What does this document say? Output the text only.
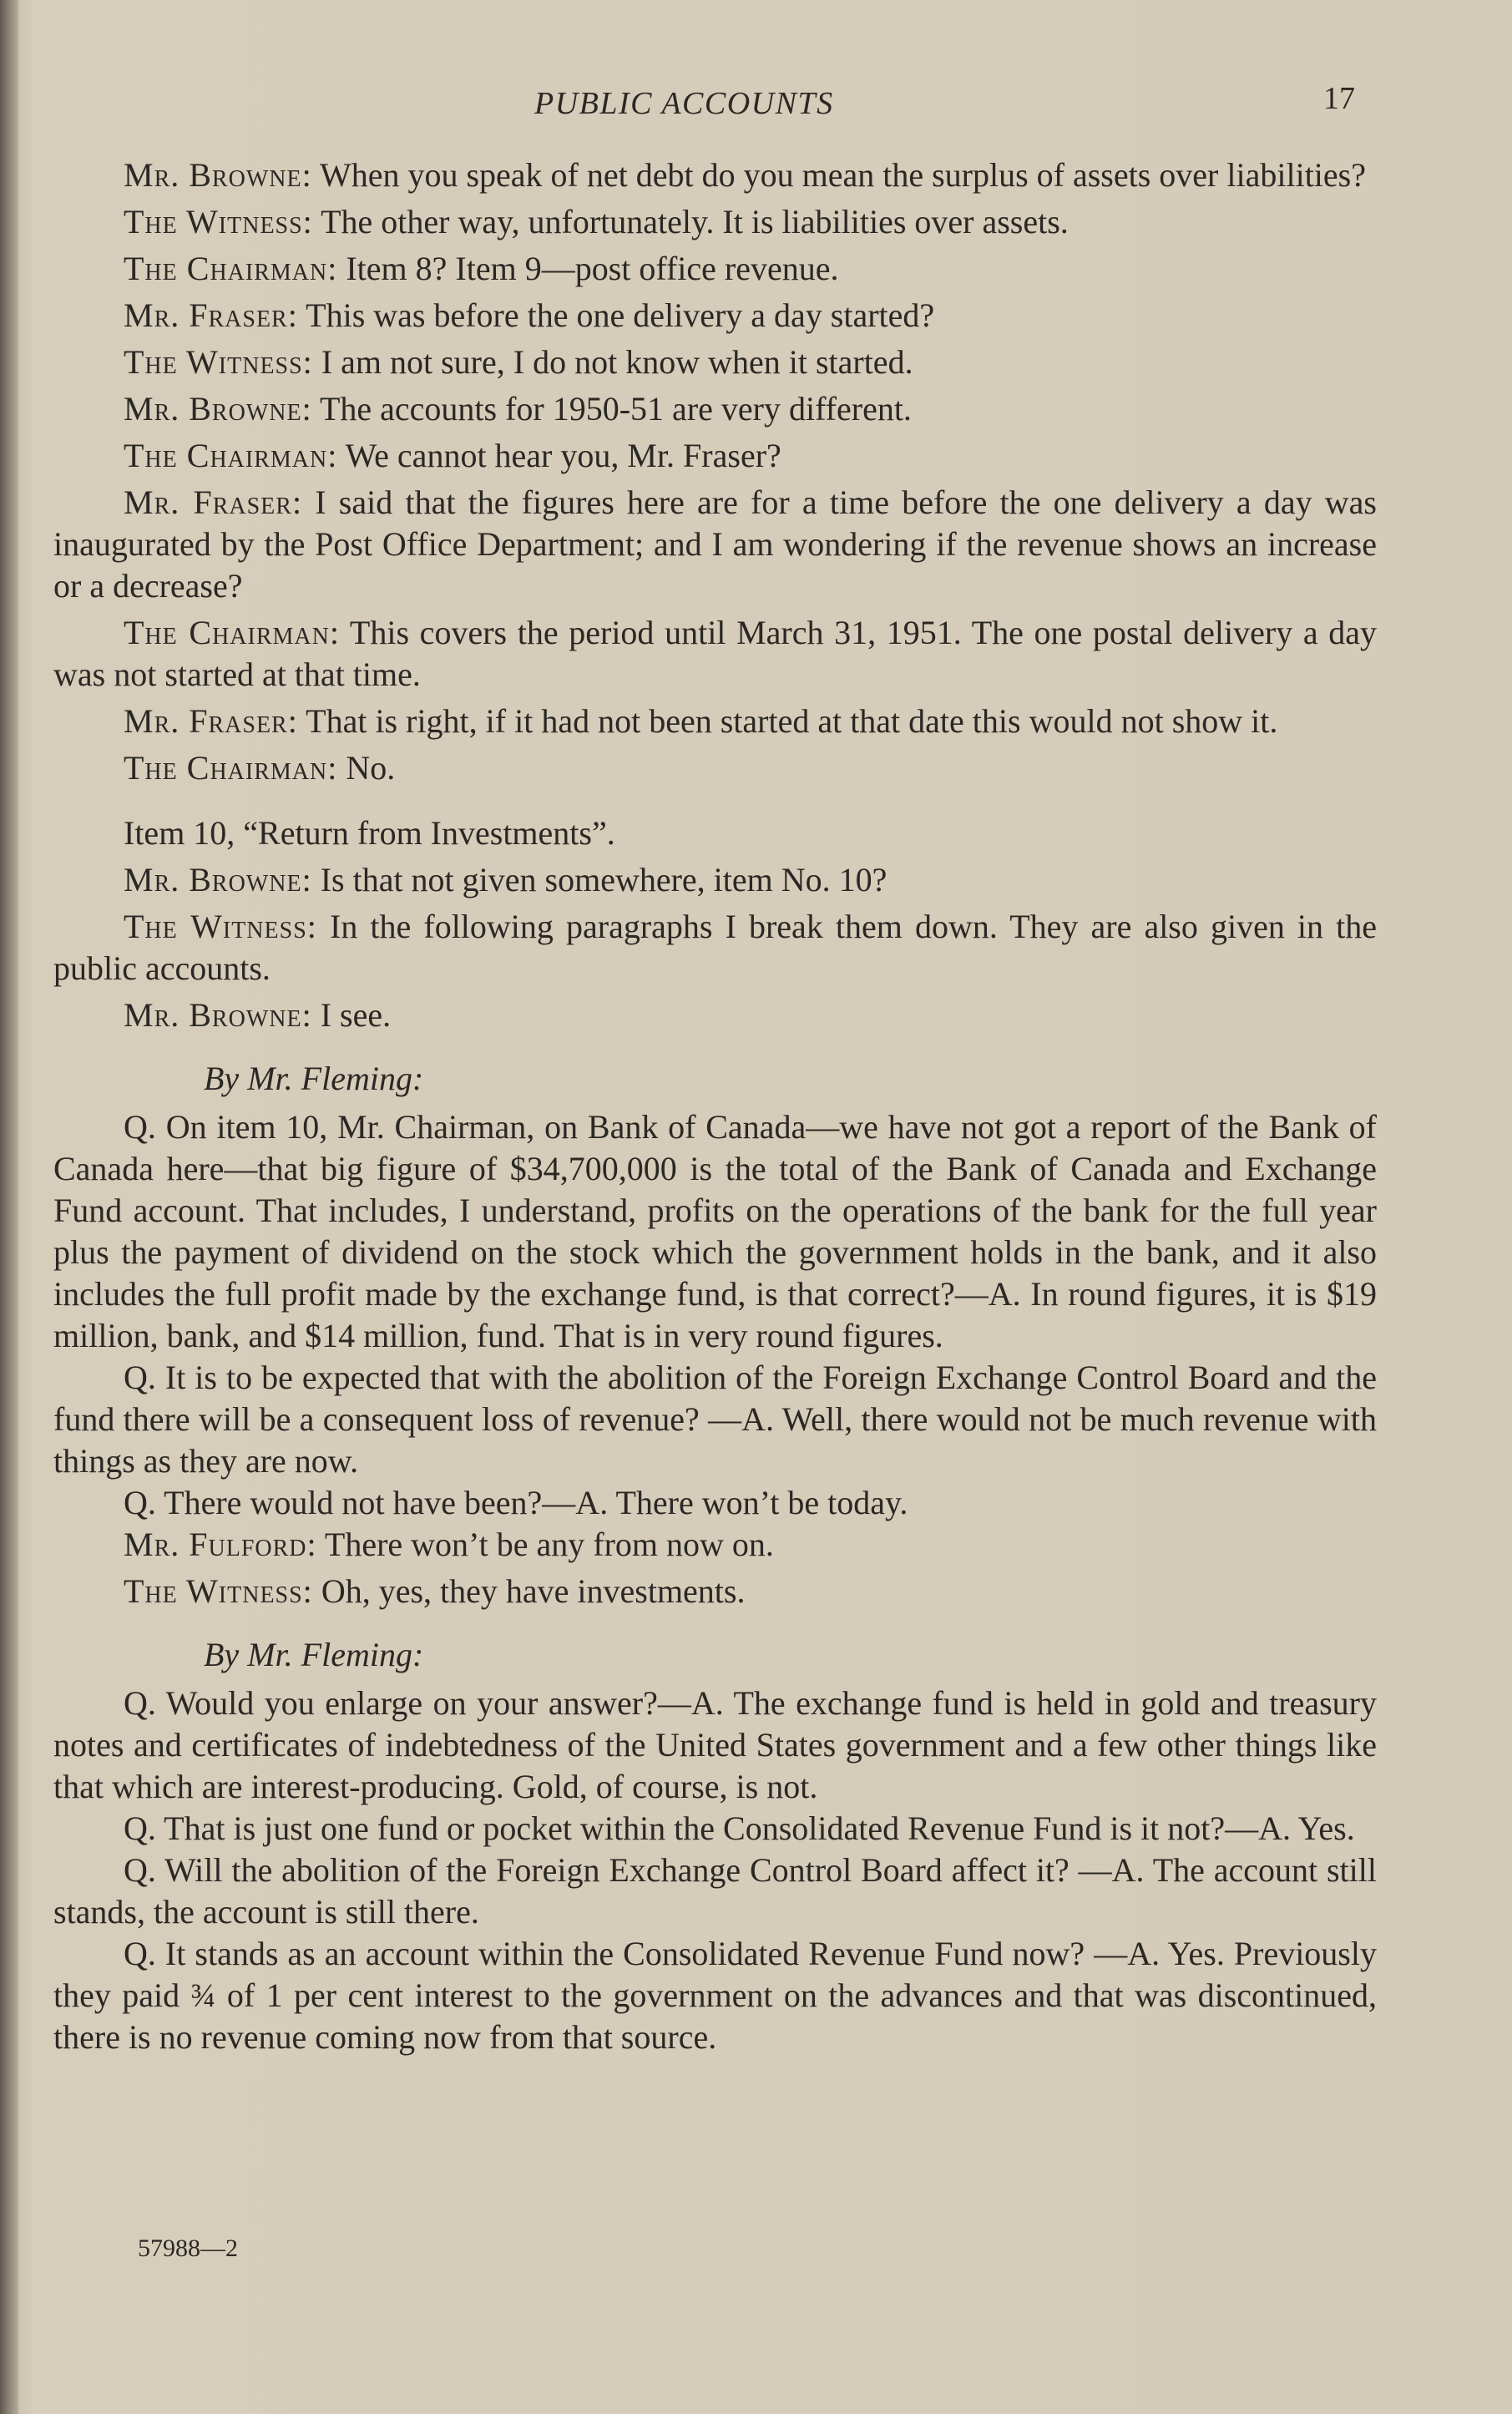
PUBLIC ACCOUNTS	17

Mr. Browne: When you speak of net debt do you mean the surplus of assets over liabilities?

The Witness: The other way, unfortunately. It is liabilities over assets.

The Chairman: Item 8? Item 9—post office revenue.

Mr. Fraser: This was before the one delivery a day started?

The Witness: I am not sure, I do not know when it started.

Mr. Browne: The accounts for 1950-51 are very different.

The Chairman: We cannot hear you, Mr. Fraser?

Mr. Fraser: I said that the figures here are for a time before the one delivery a day was inaugurated by the Post Office Department; and I am wondering if the revenue shows an increase or a decrease?

The Chairman: This covers the period until March 31, 1951. The one postal delivery a day was not started at that time.

Mr. Fraser: That is right, if it had not been started at that date this would not show it.

The Chairman: No.

Item 10, “Return from Investments”.

Mr. Browne: Is that not given somewhere, item No. 10?

The Witness: In the following paragraphs I break them down. They are also given in the public accounts.

Mr. Browne: I see.

By Mr. Fleming:

Q. On item 10, Mr. Chairman, on Bank of Canada—we have not got a report of the Bank of Canada here—that big figure of $34,700,000 is the total of the Bank of Canada and Exchange Fund account. That includes, I understand, profits on the operations of the bank for the full year plus the payment of dividend on the stock which the government holds in the bank, and it also includes the full profit made by the exchange fund, is that correct?—A. In round figures, it is $19 million, bank, and $14 million, fund. That is in very round figures.

Q. It is to be expected that with the abolition of the Foreign Exchange Control Board and the fund there will be a consequent loss of revenue? —A. Well, there would not be much revenue with things as they are now.

Q. There would not have been?—A. There won’t be today.

Mr. Fulford: There won’t be any from now on.

The Witness: Oh, yes, they have investments.

By Mr. Fleming:

Q. Would you enlarge on your answer?—A. The exchange fund is held in gold and treasury notes and certificates of indebtedness of the United States government and a few other things like that which are interest-producing. Gold, of course, is not.

Q. That is just one fund or pocket within the Consolidated Revenue Fund is it not?—A. Yes.

Q. Will the abolition of the Foreign Exchange Control Board affect it? —A. The account still stands, the account is still there.

Q. It stands as an account within the Consolidated Revenue Fund now? —A. Yes. Previously they paid ¾ of 1 per cent interest to the government on the advances and that was discontinued, there is no revenue coming now from that source.

57988—2
